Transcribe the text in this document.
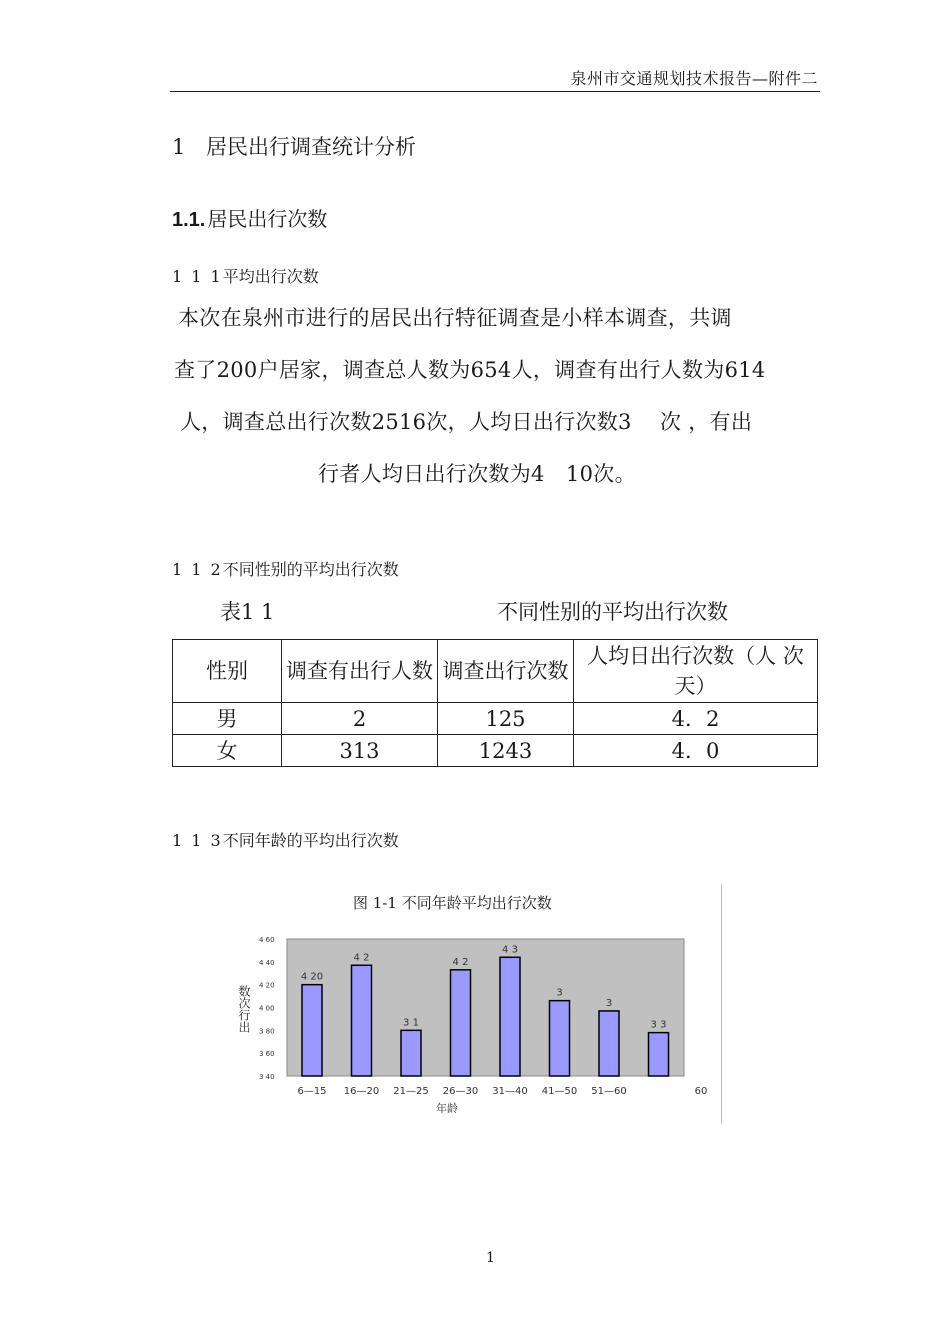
泉州市交通规划技术报告—附件二
1 居民出行调查统计分析
1.1. 居民出行次数
1 1 1平均出行次数

本次在泉州市进行的居民出行特征调查是小样本调查，共调

查了200户居家，调查总人数为654人，调查有出行人数为614

人，调查总出行次数2516次，人均日出行次数3　 次 ，有出

行者人均日出行次数为4　10次。

1 1 2不同性别的平均出行次数
表1 1	不同性别的平均出行次数
性别	调查有出行人数	调查出行次数	人均日出行次数（人 次 天）
男	2	125	4．2
女	313	1243	4．0
1 1 3不同年龄的平均出行次数
图 1-1 不同年龄平均出行次数
4 60
4 40
4 20
4 00
3 80
3 60
3 40
数次行出
4 20
4 2
3 1
4 2
4 3
3
3
3 3
6—15 16—20 21—25 26—30 31—40 41—50 51—60	60
年龄
1
